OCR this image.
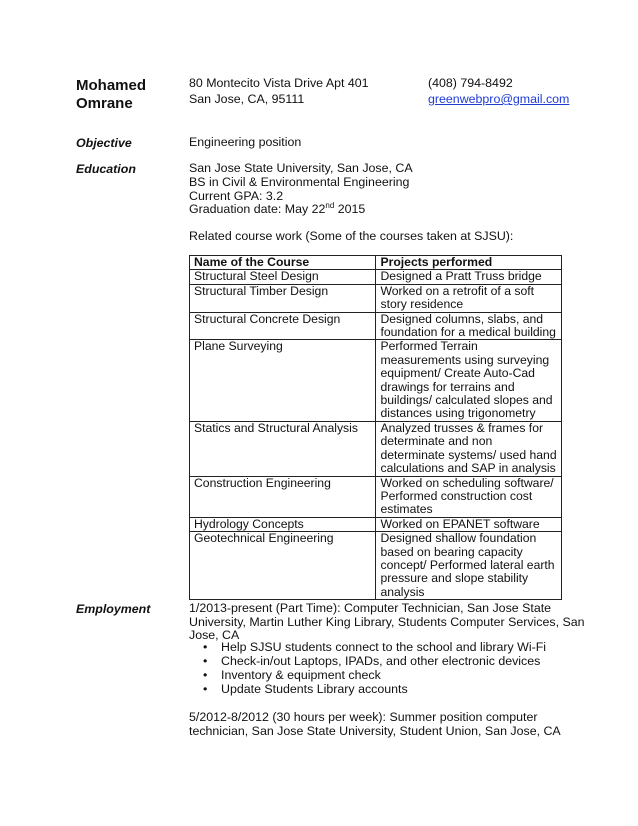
Mohamed
Omrane
80 Montecito Vista Drive Apt 401
San Jose, CA, 95111
(408) 794-8492
greenwebpro@gmail.com
Objective	Engineering position
Education	San Jose State University, San Jose, CA
BS in Civil & Environmental Engineering
Current GPA: 3.2
Graduation date: May 22nd 2015
Related course work (Some of the courses taken at SJSU):
Name of the Course	Projects performed
Structural Steel Design	Designed a Pratt Truss bridge
Structural Timber Design	Worked on a retrofit of a soft story residence
Structural Concrete Design	Designed columns, slabs, and foundation for a medical building
Plane Surveying	Performed Terrain measurements using surveying equipment/ Create Auto-Cad drawings for terrains and buildings/ calculated slopes and distances using trigonometry
Statics and Structural Analysis	Analyzed trusses & frames for determinate and non determinate systems/ used hand calculations and SAP in analysis
Construction Engineering	Worked on scheduling software/ Performed construction cost estimates
Hydrology Concepts	Worked on EPANET software
Geotechnical Engineering	Designed shallow foundation based on bearing capacity concept/ Performed lateral earth pressure and slope stability analysis
Employment	1/2013-present (Part Time): Computer Technician, San Jose State
University, Martin Luther King Library, Students Computer Services, San
Jose, CA
• Help SJSU students connect to the school and library Wi-Fi
• Check-in/out Laptops, IPADs, and other electronic devices
• Inventory & equipment check
• Update Students Library accounts
5/2012-8/2012 (30 hours per week): Summer position computer
technician, San Jose State University, Student Union, San Jose, CA
